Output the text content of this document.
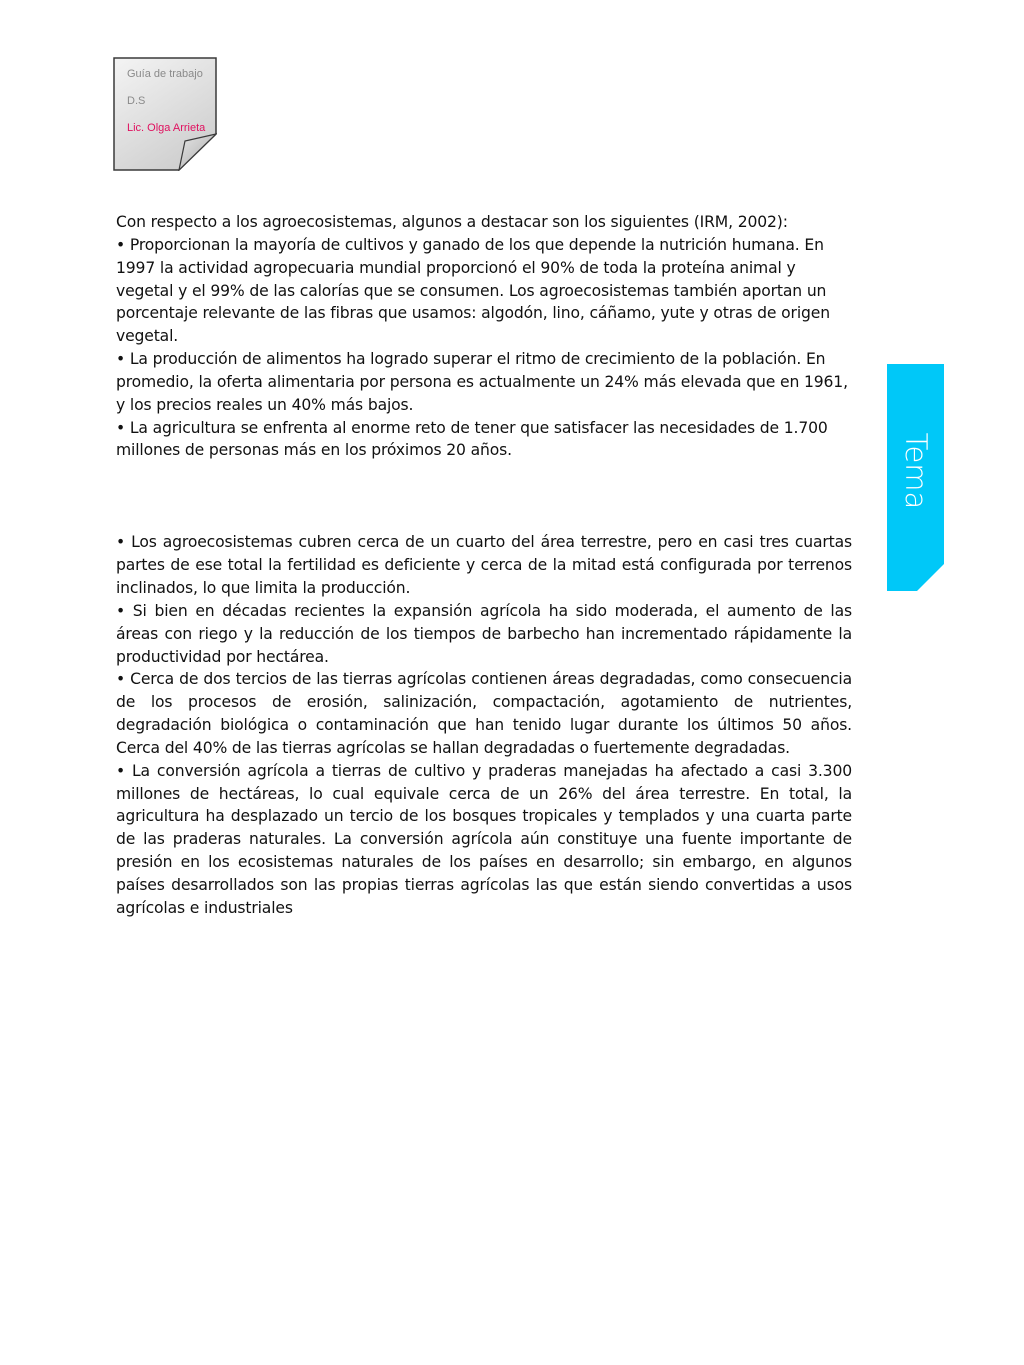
Guía de trabajo
D.S
Lic. Olga Arrieta
Tema

Con respecto a los agroecosistemas, algunos a destacar son los siguientes (IRM, 2002):

• Proporcionan la mayoría de cultivos y ganado de los que depende la nutrición humana. En 1997 la actividad agropecuaria mundial proporcionó el 90% de toda la proteína animal y vegetal y el 99% de las calorías que se consumen. Los agroecosistemas también aportan un porcentaje relevante de las fibras que usamos: algodón, lino, cáñamo, yute y otras de origen vegetal.

• La producción de alimentos ha logrado superar el ritmo de crecimiento de la población. En promedio, la oferta alimentaria por persona es actualmente un 24% más elevada que en 1961, y los precios reales un 40% más bajos.

• La agricultura se enfrenta al enorme reto de tener que satisfacer las necesidades de 1.700 millones de personas más en los próximos 20 años.

• Los agroecosistemas cubren cerca de un cuarto del área terrestre, pero en casi tres cuartas partes de ese total la fertilidad es deficiente y cerca de la mitad está configurada por terrenos inclinados, lo que limita la producción.

• Si bien en décadas recientes la expansión agrícola ha sido moderada, el aumento de las áreas con riego y la reducción de los tiempos de barbecho han incrementado rápidamente la productividad por hectárea.

• Cerca de dos tercios de las tierras agrícolas contienen áreas degradadas, como consecuencia de los procesos de erosión, salinización, compactación, agotamiento de nutrientes, degradación biológica o contaminación que han tenido lugar durante los últimos 50 años. Cerca del 40% de las tierras agrícolas se hallan degradadas o fuertemente degradadas.

• La conversión agrícola a tierras de cultivo y praderas manejadas ha afectado a casi 3.300 millones de hectáreas, lo cual equivale cerca de un 26% del área terrestre. En total, la agricultura ha desplazado un tercio de los bosques tropicales y templados y una cuarta parte de las praderas naturales. La conversión agrícola aún constituye una fuente importante de presión en los ecosistemas naturales de los países en desarrollo; sin embargo, en algunos países desarrollados son las propias tierras agrícolas las que están siendo convertidas a usos agrícolas e industriales
